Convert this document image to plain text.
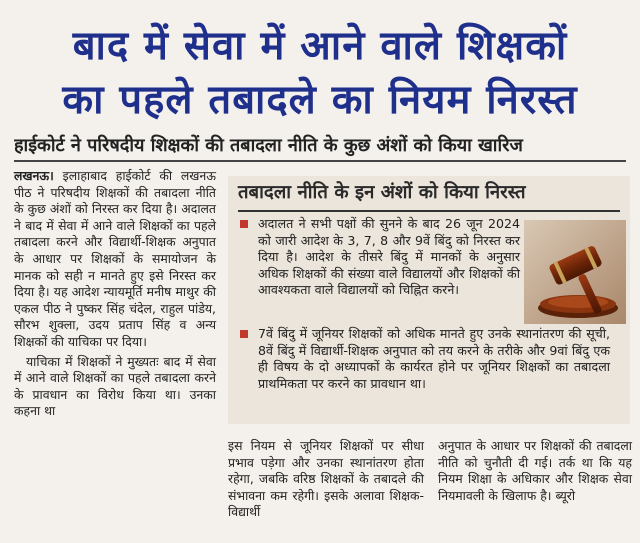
बाद में सेवा में आने वाले शिक्षकों
का पहले तबादले का नियम निरस्त
हाईकोर्ट ने परिषदीय शिक्षकों की तबादला नीति के कुछ अंशों को किया खारिज

लखनऊ। इलाहाबाद हाईकोर्ट की लखनऊ पीठ ने परिषदीय शिक्षकों की तबादला नीति के कुछ अंशों को निरस्त कर दिया है। अदालत ने बाद में सेवा में आने वाले शिक्षकों का पहले तबादला करने और विद्यार्थी-शिक्षक अनुपात के आधार पर शिक्षकों के समायोजन के मानक को सही न मानते हुए इसे निरस्त कर दिया है। यह आदेश न्यायमूर्ति मनीष माथुर की एकल पीठ ने पुष्कर सिंह चंदेल, राहुल पांडेय, सौरभ शुक्ला, उदय प्रताप सिंह व अन्य शिक्षकों की याचिका पर दिया।

याचिका में शिक्षकों ने मुख्यतः बाद में सेवा में आने वाले शिक्षकों का पहले तबादला करने के प्रावधान का विरोध किया था। उनका कहना था

तबादला नीति के इन अंशों को किया निरस्त
अदालत ने सभी पक्षों की सुनने के बाद 26 जून 2024 को जारी आदेश के 3, 7, 8 और 9वें बिंदु को निरस्त कर दिया है। आदेश के तीसरे बिंदु में मानकों के अनुसार अधिक शिक्षकों की संख्या वाले विद्यालयों और शिक्षकों की आवश्यकता वाले विद्यालयों को चिह्नित करने।
7वें बिंदु में जूनियर शिक्षकों को अधिक मानते हुए उनके स्थानांतरण की सूची, 8वें बिंदु में विद्यार्थी-शिक्षक अनुपात को तय करने के तरीके और 9वां बिंदु एक ही विषय के दो अध्यापकों के कार्यरत होने पर जूनियर शिक्षकों का तबादला प्राथमिकता पर करने का प्रावधान था।
इस नियम से जूनियर शिक्षकों पर सीधा प्रभाव पड़ेगा और उनका स्थानांतरण होता रहेगा, जबकि वरिष्ठ शिक्षकों के तबादले की संभावना कम रहेगी। इसके अलावा शिक्षक-विद्यार्थी
अनुपात के आधार पर शिक्षकों की तबादला नीति को चुनौती दी गई। तर्क था कि यह नियम शिक्षा के अधिकार और शिक्षक सेवा नियमावली के खिलाफ है। ब्यूरो
